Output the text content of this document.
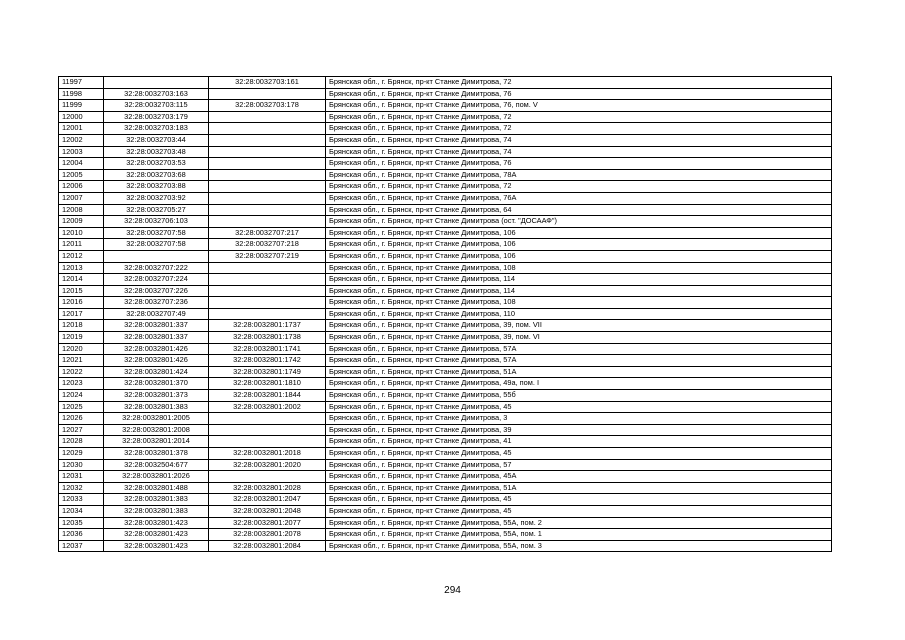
11997		32:28:0032703:161	Брянская обл., г. Брянск, пр-кт Станке Димитрова, 72
11998	32:28:0032703:163		Брянская обл., г. Брянск, пр-кт Станке Димитрова, 76
11999	32:28:0032703:115	32:28:0032703:178	Брянская обл., г. Брянск, пр-кт Станке Димитрова, 76, пом. V
12000	32:28:0032703:179		Брянская обл., г. Брянск, пр-кт Станке Димитрова, 72
12001	32:28:0032703:183		Брянская обл., г. Брянск, пр-кт Станке Димитрова, 72
12002	32:28:0032703:44		Брянская обл., г. Брянск, пр-кт Станке Димитрова, 74
12003	32:28:0032703:48		Брянская обл., г. Брянск, пр-кт Станке Димитрова, 74
12004	32:28:0032703:53		Брянская обл., г. Брянск, пр-кт Станке Димитрова, 76
12005	32:28:0032703:68		Брянская обл., г. Брянск, пр-кт Станке Димитрова, 78А
12006	32:28:0032703:88		Брянская обл., г. Брянск, пр-кт Станке Димитрова, 72
12007	32:28:0032703:92		Брянская обл., г. Брянск, пр-кт Станке Димитрова, 76А
12008	32:28:0032705:27		Брянская обл., г. Брянск, пр-кт Станке Димитрова, 64
12009	32:28:0032706:103		Брянская обл., г. Брянск, пр-кт Станке Димитрова (ост. "ДОСААФ")
12010	32:28:0032707:58	32:28:0032707:217	Брянская обл., г. Брянск, пр-кт Станке Димитрова, 106
12011	32:28:0032707:58	32:28:0032707:218	Брянская обл., г. Брянск, пр-кт Станке Димитрова, 106
12012		32:28:0032707:219	Брянская обл., г. Брянск, пр-кт Станке Димитрова, 106
12013	32:28:0032707:222		Брянская обл., г. Брянск, пр-кт Станке Димитрова, 108
12014	32:28:0032707:224		Брянская обл., г. Брянск, пр-кт Станке Димитрова, 114
12015	32:28:0032707:226		Брянская обл., г. Брянск, пр-кт Станке Димитрова, 114
12016	32:28:0032707:236		Брянская обл., г. Брянск, пр-кт Станке Димитрова, 108
12017	32:28:0032707:49		Брянская обл., г. Брянск, пр-кт Станке Димитрова, 110
12018	32:28:0032801:337	32:28:0032801:1737	Брянская обл., г. Брянск, пр-кт Станке Димитрова, 39, пом. VII
12019	32:28:0032801:337	32:28:0032801:1738	Брянская обл., г. Брянск, пр-кт Станке Димитрова, 39, пом. VI
12020	32:28:0032801:426	32:28:0032801:1741	Брянская обл., г. Брянск, пр-кт Станке Димитрова, 57А
12021	32:28:0032801:426	32:28:0032801:1742	Брянская обл., г. Брянск, пр-кт Станке Димитрова, 57А
12022	32:28:0032801:424	32:28:0032801:1749	Брянская обл., г. Брянск, пр-кт Станке Димитрова, 51А
12023	32:28:0032801:370	32:28:0032801:1810	Брянская обл., г. Брянск, пр-кт Станке Димитрова, 49а, пом. I
12024	32:28:0032801:373	32:28:0032801:1844	Брянская обл., г. Брянск, пр-кт Станке Димитрова, 55б
12025	32:28:0032801:383	32:28:0032801:2002	Брянская обл., г. Брянск, пр-кт Станке Димитрова, 45
12026	32:28:0032801:2005		Брянская обл., г. Брянск, пр-кт Станке Димитрова, 3
12027	32:28:0032801:2008		Брянская обл., г. Брянск, пр-кт Станке Димитрова, 39
12028	32:28:0032801:2014		Брянская обл., г. Брянск, пр-кт Станке Димитрова, 41
12029	32:28:0032801:378	32:28:0032801:2018	Брянская обл., г. Брянск, пр-кт Станке Димитрова, 45
12030	32:28:0032504:677	32:28:0032801:2020	Брянская обл., г. Брянск, пр-кт Станке Димитрова, 57
12031	32:28:0032801:2026		Брянская обл., г. Брянск, пр-кт Станке Димитрова, 45А
12032	32:28:0032801:488	32:28:0032801:2028	Брянская обл., г. Брянск, пр-кт Станке Димитрова, 51А
12033	32:28:0032801:383	32:28:0032801:2047	Брянская обл., г. Брянск, пр-кт Станке Димитрова, 45
12034	32:28:0032801:383	32:28:0032801:2048	Брянская обл., г. Брянск, пр-кт Станке Димитрова, 45
12035	32:28:0032801:423	32:28:0032801:2077	Брянская обл., г. Брянск, пр-кт Станке Димитрова, 55А, пом. 2
12036	32:28:0032801:423	32:28:0032801:2078	Брянская обл., г. Брянск, пр-кт Станке Димитрова, 55А, пом. 1
12037	32:28:0032801:423	32:28:0032801:2084	Брянская обл., г. Брянск, пр-кт Станке Димитрова, 55А, пом. 3
294
